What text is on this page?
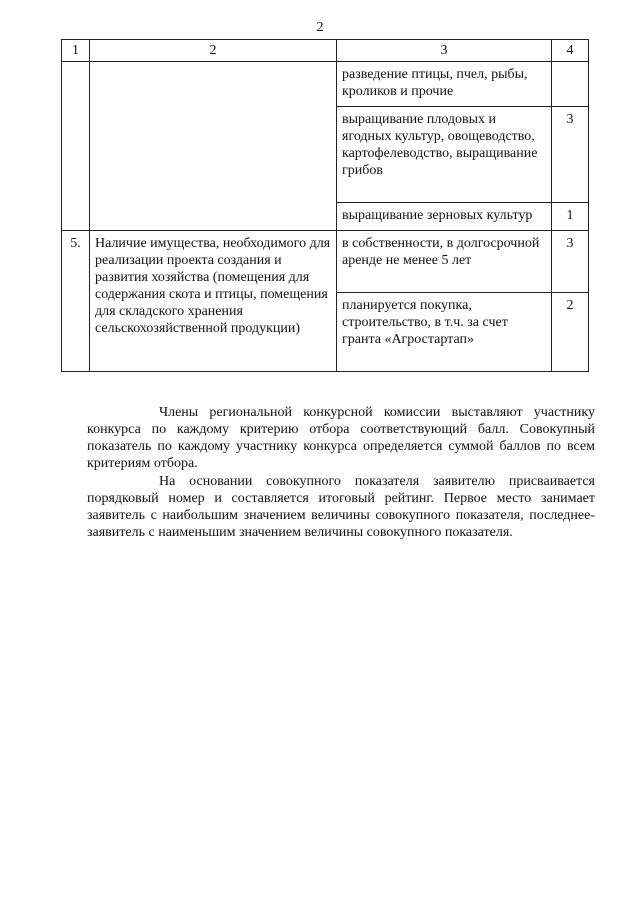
2
1	2	3	4
		разведение птицы, пчел, рыбы, кроликов и прочие	
		выращивание плодовых и ягодных культур, овощеводство, картофелеводство, выращивание грибов	3
		выращивание зерновых культур	1
5.	Наличие имущества, необходимого для реализации проекта создания и развития хозяйства (помещения для содержания скота и птицы, помещения для складского хранения сельскохозяйственной продукции)	в собственности, в долгосрочной аренде не менее 5 лет	3
		планируется покупка, строительство, в т.ч. за счет гранта «Агростартап»	2
Члены региональной конкурсной комиссии выставляют участнику конкурса по каждому критерию отбора соответствующий балл. Совокупный показатель по каждому участнику конкурса определяется суммой баллов по всем критериям отбора.
На основании совокупного показателя заявителю присваивается порядковый номер и составляется итоговый рейтинг. Первое место занимает заявитель с наибольшим значением величины совокупного показателя, последнее-заявитель с наименьшим значением величины совокупного показателя.
